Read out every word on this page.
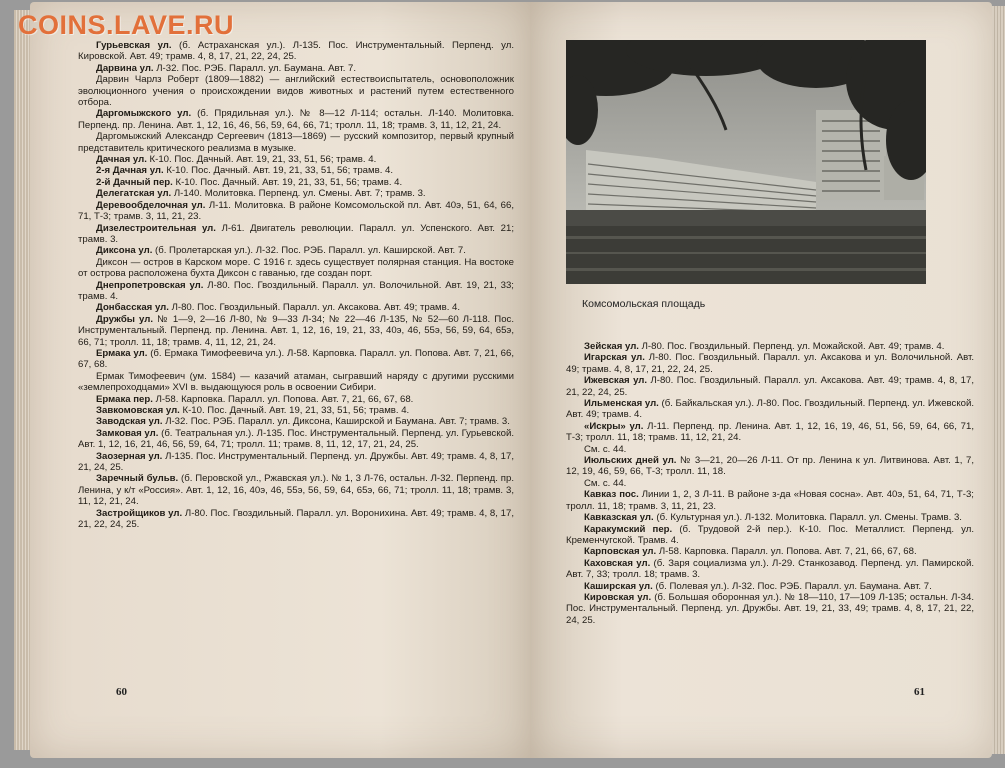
Гурьевская ул. (б. Астраханская ул.). Л-135. Пос. Инструментальный. Перпенд. ул. Кировской. Авт. 49; трамв. 4, 8, 17, 21, 22, 24, 25.

Дарвина ул. Л-32. Пос. РЭБ. Паралл. ул. Баумана. Авт. 7.

Дарвин Чарлз Роберт (1809—1882) — английский естествоиспытатель, основоположник эволюционного учения о происхождении видов животных и растений путем естественного отбора.

Даргомыжского ул. (б. Прядильная ул.). № 8—12 Л-114; остальн. Л-140. Молитовка. Перпенд. пр. Ленина. Авт. 1, 12, 16, 46, 56, 59, 64, 66, 71; тролл. 11, 18; трамв. 3, 11, 12, 21, 24.

Даргомыжский Александр Сергеевич (1813—1869) — русский композитор, первый крупный представитель критического реализма в музыке.

Дачная ул. К-10. Пос. Дачный. Авт. 19, 21, 33, 51, 56; трамв. 4.

2-я Дачная ул. К-10. Пос. Дачный. Авт. 19, 21, 33, 51, 56; трамв. 4.

2-й Дачный пер. К-10. Пос. Дачный. Авт. 19, 21, 33, 51, 56; трамв. 4.

Делегатская ул. Л-140. Молитовка. Перпенд. ул. Смены. Авт. 7; трамв. 3.

Деревообделочная ул. Л-11. Молитовка. В районе Комсомольской пл. Авт. 40э, 51, 64, 66, 71, Т-3; трамв. 3, 11, 21, 23.

Дизелестроительная ул. Л-61. Двигатель революции. Паралл. ул. Успенского. Авт. 21; трамв. 3.

Диксона ул. (б. Пролетарская ул.). Л-32. Пос. РЭБ. Паралл. ул. Каширской. Авт. 7.

Диксон — остров в Карском море. С 1916 г. здесь существует полярная станция. На востоке от острова расположена бухта Диксон с гаванью, где создан порт.

Днепропетровская ул. Л-80. Пос. Гвоздильный. Паралл. ул. Волочильной. Авт. 19, 21, 33; трамв. 4.

Донбасская ул. Л-80. Пос. Гвоздильный. Паралл. ул. Аксакова. Авт. 49; трамв. 4.

Дружбы ул. № 1—9, 2—16 Л-80, № 9—33 Л-34; № 22—46 Л-135, № 52—60 Л-118. Пос. Инструментальный. Перпенд. пр. Ленина. Авт. 1, 12, 16, 19, 21, 33, 40э, 46, 55э, 56, 59, 64, 65э, 66, 71; тролл. 11, 18; трамв. 4, 11, 12, 21, 24.

Ермака ул. (б. Ермака Тимофеевича ул.). Л-58. Карповка. Паралл. ул. Попова. Авт. 7, 21, 66, 67, 68.

Ермак Тимофеевич (ум. 1584) — казачий атаман, сыгравший наряду с другими русскими «землепроходцами» XVI в. выдающуюся роль в освоении Сибири.

Ермака пер. Л-58. Карповка. Паралл. ул. Попова. Авт. 7, 21, 66, 67, 68.

Завкомовская ул. К-10. Пос. Дачный. Авт. 19, 21, 33, 51, 56; трамв. 4.

Заводская ул. Л-32. Пос. РЭБ. Паралл. ул. Диксона, Каширской и Баумана. Авт. 7; трамв. 3.

Замковая ул. (б. Театральная ул.). Л-135. Пос. Инструментальный. Перпенд. ул. Гурьевской. Авт. 1, 12, 16, 21, 46, 56, 59, 64, 71; тролл. 11; трамв. 8, 11, 12, 17, 21, 24, 25.

Заозерная ул. Л-135. Пос. Инструментальный. Перпенд. ул. Дружбы. Авт. 49; трамв. 4, 8, 17, 21, 24, 25.

Заречный бульв. (б. Перовской ул., Ржавская ул.). № 1, 3 Л-76, остальн. Л-32. Перпенд. пр. Ленина, у к/т «Россия». Авт. 1, 12, 16, 40э, 46, 55э, 56, 59, 64, 65э, 66, 71; тролл. 11, 18; трамв. 3, 11, 12, 21, 24.

Застройщиков ул. Л-80. Пос. Гвоздильный. Паралл. ул. Воронихина. Авт. 49; трамв. 4, 8, 17, 21, 22, 24, 25.

60
Комсомольская площадь

Зейская ул. Л-80. Пос. Гвоздильный. Перпенд. ул. Можайской. Авт. 49; трамв. 4.

Игарская ул. Л-80. Пос. Гвоздильный. Паралл. ул. Аксакова и ул. Волочильной. Авт. 49; трамв. 4, 8, 17, 21, 22, 24, 25.

Ижевская ул. Л-80. Пос. Гвоздильный. Паралл. ул. Аксакова. Авт. 49; трамв. 4, 8, 17, 21, 22, 24, 25.

Ильменская ул. (б. Байкальская ул.). Л-80. Пос. Гвоздильный. Перпенд. ул. Ижевской. Авт. 49; трамв. 4.

«Искры» ул. Л-11. Перпенд. пр. Ленина. Авт. 1, 12, 16, 19, 46, 51, 56, 59, 64, 66, 71, Т-3; тролл. 11, 18; трамв. 11, 12, 21, 24.

См. с. 44.

Июльских дней ул. № 3—21, 20—26 Л-11. От пр. Ленина к ул. Литвинова. Авт. 1, 7, 12, 19, 46, 59, 66, Т-3; тролл. 11, 18.

См. с. 44.

Кавказ пос. Линии 1, 2, 3 Л-11. В районе з-да «Новая сосна». Авт. 40э, 51, 64, 71, Т-3; тролл. 11, 18; трамв. 3, 11, 21, 23.

Кавказская ул. (б. Культурная ул.). Л-132. Молитовка. Паралл. ул. Смены. Трамв. 3.

Каракумский пер. (б. Трудовой 2-й пер.). К-10. Пос. Металлист. Перпенд. ул. Кременчугской. Трамв. 4.

Карповская ул. Л-58. Карповка. Паралл. ул. Попова. Авт. 7, 21, 66, 67, 68.

Каховская ул. (б. Заря социализма ул.). Л-29. Станкозавод. Перпенд. ул. Памирской. Авт. 7, 33; тролл. 18; трамв. 3.

Каширская ул. (б. Полевая ул.). Л-32. Пос. РЭБ. Паралл. ул. Баумана. Авт. 7.

Кировская ул. (б. Большая оборонная ул.). № 18—110, 17—109 Л-135; остальн. Л-34. Пос. Инструментальный. Перпенд. ул. Дружбы. Авт. 19, 21, 33, 49; трамв. 4, 8, 17, 21, 22, 24, 25.

61
COINS.LAVE.RU
